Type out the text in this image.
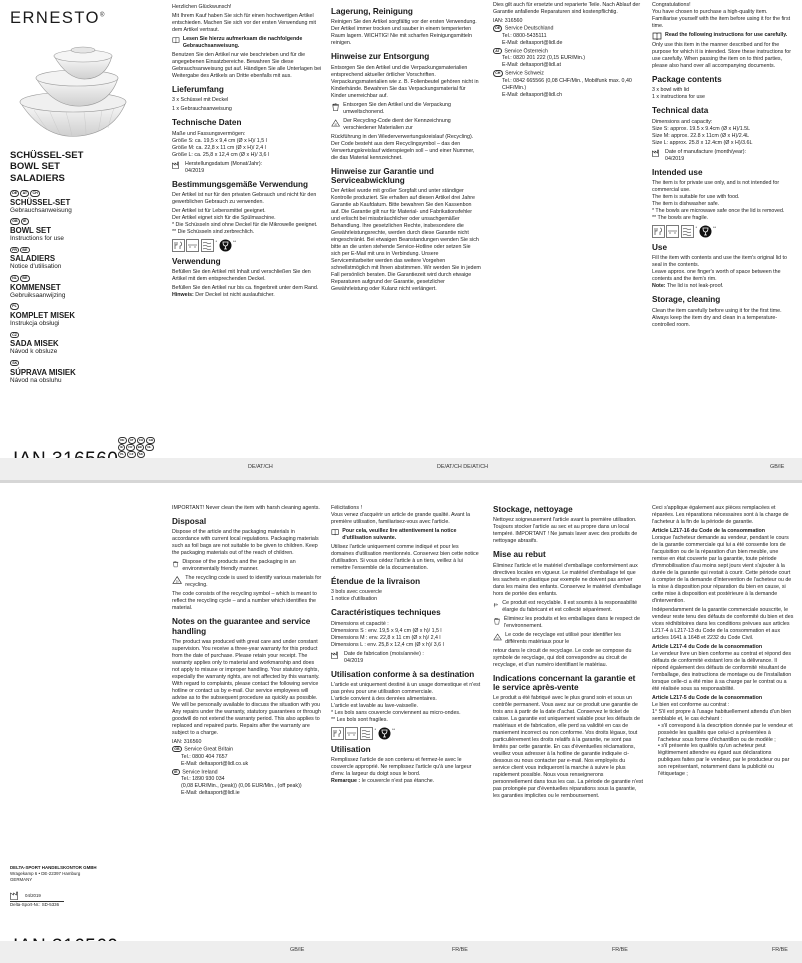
ERNESTO®
SCHÜSSEL-SET
BOWL SET
SALADIERS
DE AT CH
SCHÜSSEL-SET
Gebrauchsanweisung
GB IE
BOWL SET
Instructions for use
FR BE
SALADIERS
Notice d'utilisation
NL BE
KOMMENSET
Gebruiksaanwijzing
PL
KOMPLET MISEK
Instrukcja obsługi
CZ
SADA MISEK
Návod k obsluze
SK
SÚPRAVA MISIEK
Návod na obsluhu
DE AT CH GBIE FR BE NLPL CZ SK

Herzlichen Glückwunsch!

Mit Ihrem Kauf haben Sie sich für einen hochwertigen Artikel entschieden. Machen Sie sich vor der ersten Verwendung mit dem Artikel vertraut.

Lesen Sie hierzu aufmerksam die nachfolgende Gebrauchsanweisung.

Benutzen Sie den Artikel nur wie beschrieben und für die angegebenen Einsatzbereiche. Bewahren Sie diese Gebrauchsanweisung gut auf. Händigen Sie alle Unterlagen bei Weitergabe des Artikels an Dritte ebenfalls mit aus.

Lieferumfang

3 x Schüssel mit Deckel

1 x Gebrauchsanweisung

Technische Daten

Maße und Fassungsvermögen:

Größe S: ca. 19,5 x 9,4 cm (Ø x H)/ 1,5 l

Größe M: ca. 22,8 x 11 cm (Ø x H)/ 2,4 l

Größe L: ca. 25,8 x 12,4 cm (Ø x H)/ 3,6 l

Herstellungsdatum (Monat/Jahr):
04/2019
Bestimmungsgemäße Verwendung

Der Artikel ist nur für den privaten Gebrauch und nicht für den gewerblichen Gebrauch zu verwenden.

Der Artikel ist für Lebensmittel geeignet.

Der Artikel eignet sich für die Spülmaschine.

* Die Schüsseln sind ohne Deckel für die Mikrowelle geeignet.

** Die Schüsseln sind zerbrechlich.

*	**
Verwendung

Befüllen Sie den Artikel mit Inhalt und verschließen Sie den Artikel mit dem entsprechenden Deckel.

Befüllen Sie den Artikel nur bis ca. fingerbreit unter dem Rand.

Hinweis: Der Deckel ist nicht auslaufsicher.

Lagerung, Reinigung

Reinigen Sie den Artikel sorgfältig vor der ersten Verwendung. Der Artikel immer trocken und sauber in einem temperierten Raum lagern. WICHTIG! Nie mit scharfen Reinigungsmitteln reinigen.

Hinweise zur Entsorgung

Entsorgen Sie den Artikel und die Verpackungsmaterialien entsprechend aktueller örtlicher Vorschriften. Verpackungsmaterialien wie z. B. Folienbeutel gehören nicht in Kinderhände. Bewahren Sie das Verpackungsmaterial für Kinder unerreichbar auf.

Entsorgen Sie den Artikel und die Verpackung umweltschonend.
20
Der Recycling-Code dient der Kennzeichnung verschiedener Materialien zur

Rückführung in den Wiederverwertungskreislauf (Recycling). Der Code besteht aus dem Recyclingsymbol – das den Verwertungskreislauf widerspiegeln soll – und einer Nummer, die das Material kennzeichnet.

Hinweise zur Garantie und Serviceabwicklung

Der Artikel wurde mit großer Sorgfalt und unter ständiger Kontrolle produziert. Sie erhalten auf diesen Artikel drei Jahre Garantie ab Kaufdatum. Bitte bewahren Sie den Kassenbon auf. Die Garantie gilt nur für Material- und Fabrikationsfehler und erlischt bei missbräuchlicher oder unsachgemäßer Behandlung. Ihre gesetzlichen Rechte, insbesondere die Gewährleistungsrechte, werden durch diese Garantie nicht eingeschränkt. Bei etwaigen Beanstandungen wenden Sie sich bitte an die unten stehende Service-Hotline oder setzen Sie sich per E-Mail mit uns in Verbindung. Unsere Servicemitarbeiter werden das weitere Vorgehen schnellstmöglich mit Ihnen abstimmen. Wir werden Sie in jedem Fall persönlich beraten. Die Garantiezeit wird durch etwaige Reparaturen aufgrund der Garantie, gesetzlicher Gewährleistung oder Kulanz nicht verlängert.

Dies gilt auch für ersetzte und reparierte Teile. Nach Ablauf der Garantie anfallende Reparaturen sind kostenpflichtig.

IAN: 316560

DE Service Deutschland
Tel.: 0800-5435111
E-Mail: deltasport@lidl.de
AT Service Österreich
Tel.: 0820 201 222 (0,15 EUR/Min.)
E-Mail: deltasport@lidl.at
CH Service Schweiz
Tel.: 0842 665566 (0,08 CHF/Min., Mobilfunk max. 0,40 CHF/Min.)
E-Mail: deltasport@lidl.ch

Congratulations!

You have chosen to purchase a high-quality item. Familiarise yourself with the item before using it for the first time.

Read the following instructions for use carefully.

Only use this item in the manner described and for the purpose for which it is intended. Store these instructions for use carefully. When passing the item on to third parties, please also hand over all accompanying documents.

Package contents

3 x bowl with lid

1 x instructions for use

Technical data

Dimensions and capacity:

Size S: approx. 19.5 x 9.4cm (Ø x H)/1.5L

Size M: approx. 22.8 x 11cm (Ø x H)/2.4L

Size L: approx. 25.8 x 12.4cm (Ø x H)/3.6L

Date of manufacture (month/year):
04/2019
Intended use

The item is for private use only, and is not intended for commercial use.

The item is suitable for use with food.

The item is dishwasher safe.

* The bowls are microwave safe once the lid is removed.

** The bowls are fragile.

*	**
Use

Fill the item with contents and use the item's original lid to seal in the contents.

Leave approx. one finger's worth of space between the contents and the item's rim.

Note: The lid is not leak-proof.

Storage, cleaning

Clean the item carefully before using it for the first time. Always keep the item dry and clean in a temperature-controlled room.

DE/AT/CH	DE/AT/CH DE/AT/CH	GB/IE

IMPORTANT! Never clean the item with harsh cleaning agents.

Disposal

Dispose of the article and the packaging materials in accordance with current local regulations. Packaging materials such as foil bags are not suitable to be given to children. Keep the packaging materials out of the reach of children.

Dispose of the products and the packaging in an environmentally friendly manner.
20
The recycling code is used to identify various materials for recycling.

The code consists of the recycling symbol – which is meant to reflect the recycling cycle – and a number which identifies the material.

Notes on the guarantee and service handling

The product was produced with great care and under constant supervision. You receive a three-year warranty for this product from the date of purchase. Please retain your receipt. The warranty applies only to material and workmanship and does not apply to misuse or improper handling. Your statutory rights, especially the warranty rights, are not affected by this warranty. With regard to complaints, please contact the following service hotline or contact us by e-mail. Our service employees will advise as to the subsequent procedure as quickly as possible. We will be personally available to discuss the situation with you Any repairs under the warranty, statutory guarantees or through goodwill do not extend the warranty period. This also applies to replaced and repaired parts. Repairs after the warranty are subject to a charge.

IAN: 316560

GB Service Great Britain
Tel.: 0800 404 7657
E-Mail: deltasport@lidl.co.uk
IE Service Ireland
Tel.: 1890 930 034
(0,08 EUR/Min., (peak)) (0,06 EUR/Min., (off peak))
E-Mail: deltasport@lidl.ie

Félicitations !

Vous venez d'acquérir un article de grande qualité. Avant la première utilisation, familiarisez-vous avec l'article.

Pour cela, veuillez lire attentivement la notice d'utilisation suivante.

Utilisez l'article uniquement comme indiqué et pour les domaines d'utilisation mentionnés. Conservez bien cette notice d'utilisation. Si vous cédez l'article à un tiers, veillez à lui remettre l'ensemble de la documentation.

Étendue de la livraison

3 bols avec couvercle

1 notice d'utilisation

Caractéristiques techniques

Dimensions et capacité :

Dimensions S : env. 19,5 x 9,4 cm (Ø x h)/ 1,5 l

Dimensions M : env. 22,8 x 11 cm (Ø x h)/ 2,4 l

Dimensions L : env. 25,8 x 12,4 cm (Ø x h)/ 3,6 l

Date de fabrication (mois/année) :
04/2019
Utilisation conforme à sa destination

L'article est uniquement destiné à un usage domestique et n'est pas prévu pour une utilisation commerciale.

L'article convient à des denrées alimentaires.

L'article est lavable au lave-vaisselle.

* Les bols sans couvercle conviennent au micro-ondes.

** Les bols sont fragiles.

*	**
Utilisation

Remplissez l'article de son contenu et fermez-le avec le couvercle approprié. Ne remplissez l'article qu'à une largeur d'env. la largeur du doigt sous le bord.

Remarque : le couvercle n'est pas étanche.

Stockage, nettoyage

Nettoyez soigneusement l'article avant la première utilisation. Toujours stocker l'article au sec et au propre dans un local tempéré. IMPORTANT ! Ne jamais laver avec des produits de nettoyage abrasifs.

Mise au rebut

Éliminez l'article et le matériel d'emballage conformément aux directives locales en vigueur. Le matériel d'emballage tel que les sachets en plastique par exemple ne doivent pas arriver dans les mains des enfants. Conservez le matériel d'emballage hors de portée des enfants.

Ce produit est recyclable. Il est soumis à la responsabilité élargie du fabricant et est collecté séparément.
Éliminez les produits et les emballages dans le respect de l'environnement.
20
Le code de recyclage est utilisé pour identifier les différents matériaux pour le

retour dans le circuit de recyclage. Le code se compose du symbole de recyclage, qui doit correspondre au circuit de recyclage, et d'un numéro identifiant le matériau.

Indications concernant la garantie et le service après-vente

Le produit a été fabriqué avec le plus grand soin et sous un contrôle permanent. Vous avez sur ce produit une garantie de trois ans à partir de la date d'achat. Conservez le ticket de caisse. La garantie est uniquement valable pour les défauts de matériaux et de fabrication, elle perd sa validité en cas de maniement incorrect ou non conforme. Vos droits légaux, tout particulièrement les droits relatifs à la garantie, ne sont pas limités par cette garantie. En cas d'éventuelles réclamations, veuillez vous adresser à la hotline de garantie indiquée ci-dessous ou nous contacter par e-mail. Nos employés du service client vous indiqueront la marche à suivre le plus rapidement possible. Nous vous renseignerons personnellement dans tous les cas. La période de garantie n'est pas prolongée par d'éventuelles réparations sous la garantie, les garanties implicites ou le remboursement.

Ceci s'applique également aux pièces remplacées et réparées. Les réparations nécessaires sont à la charge de l'acheteur à la fin de la période de garantie.

Article L217-16 du Code de la consommation

Lorsque l'acheteur demande au vendeur, pendant le cours de la garantie commerciale qui lui a été consentie lors de l'acquisition ou de la réparation d'un bien meuble, une remise en état couverte par la garantie, toute période d'immobilisation d'au moins sept jours vient s'ajouter à la durée de la garantie qui restait à courir. Cette période court à compter de la demande d'intervention de l'acheteur ou de la mise à disposition pour réparation du bien en cause, si cette mise à disposition est postérieure à la demande d'intervention.

Indépendamment de la garantie commerciale souscrite, le vendeur reste tenu des défauts de conformité du bien et des vices rédhibitoires dans les conditions prévues aux articles L217-4 à L217-13 du Code de la consommation et aux articles 1641 à 1648 et 2232 du Code Civil.

Article L217-4 du Code de la consommation

Le vendeur livre un bien conforme au contrat et répond des défauts de conformité existant lors de la délivrance. Il répond également des défauts de conformité résultant de l'emballage, des instructions de montage ou de l'installation lorsque celle-ci a été mise à sa charge par le contrat ou a été réalisée sous sa responsabilité.

Article L217-5 du Code de la consommation

Le bien est conforme au contrat :

1° S'il est propre à l'usage habituellement attendu d'un bien semblable et, le cas échéant :

• s'il correspond à la description donnée par le vendeur et possède les qualités que celui-ci a présentées à l'acheteur sous forme d'échantillon ou de modèle ;

• s'il présente les qualités qu'un acheteur peut légitimement attendre eu égard aux déclarations publiques faites par le vendeur, par le producteur ou par son représentant, notamment dans la publicité ou l'étiquetage ;

DELTA-SPORT HANDELSKONTOR GMBH
Wragekamp 6 • DE-22397 Hamburg
GERMANY
04/2019
Delta-Sport-Nr.: SD-5336
GB/IE	FR/BE	FR/BE	FR/BE
